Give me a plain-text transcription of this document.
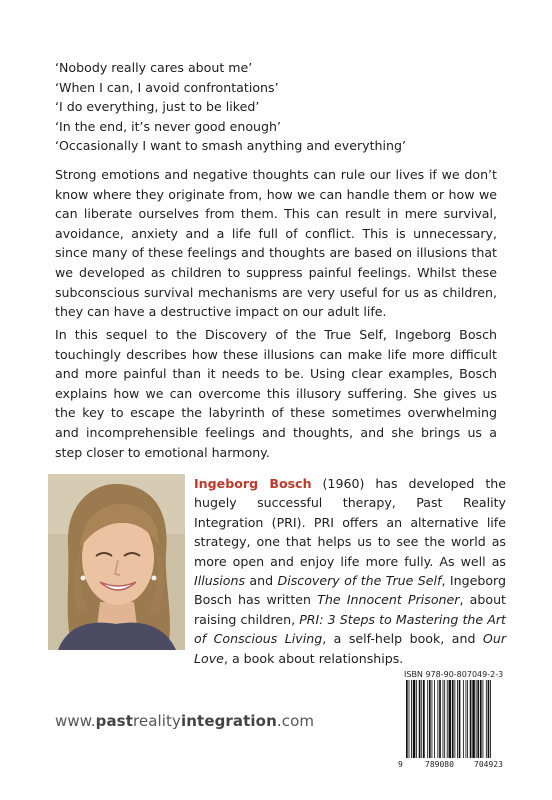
‘Nobody really cares about me’
‘When I can, I avoid confrontations’
‘I do everything, just to be liked’
‘In the end, it’s never good enough’
‘Occasionally I want to smash anything and everything’
Strong emotions and negative thoughts can rule our lives if we don’t know where they originate from, how we can handle them or how we can liberate ourselves from them. This can result in mere survival, avoidance, anxiety and a life full of conflict. This is unnecessary, since many of these feelings and thoughts are based on illusions that we developed as children to suppress painful feelings. Whilst these subconscious survival mechanisms are very useful for us as children, they can have a destructive impact on our adult life.
In this sequel to the Discovery of the True Self, Ingeborg Bosch touchingly describes how these illusions can make life more difficult and more painful than it needs to be. Using clear examples, Bosch explains how we can overcome this illusory suffering. She gives us the key to escape the labyrinth of these sometimes overwhelming and incomprehensible feelings and thoughts, and she brings us a step closer to emotional harmony.
Ingeborg Bosch (1960) has developed the hugely successful therapy, Past Reality Integration (PRI). PRI offers an alternative life strategy, one that helps us to see the world as more open and enjoy life more fully. As well as Illusions and Discovery of the True Self, Ingeborg Bosch has written The Innocent Prisoner, about raising children, PRI: 3 Steps to Mastering the Art of Conscious Living, a self-help book, and Our Love, a book about relationships.
www.pastrealityintegration.com
ISBN 978-90-807049-2-3
9	789080	704923
